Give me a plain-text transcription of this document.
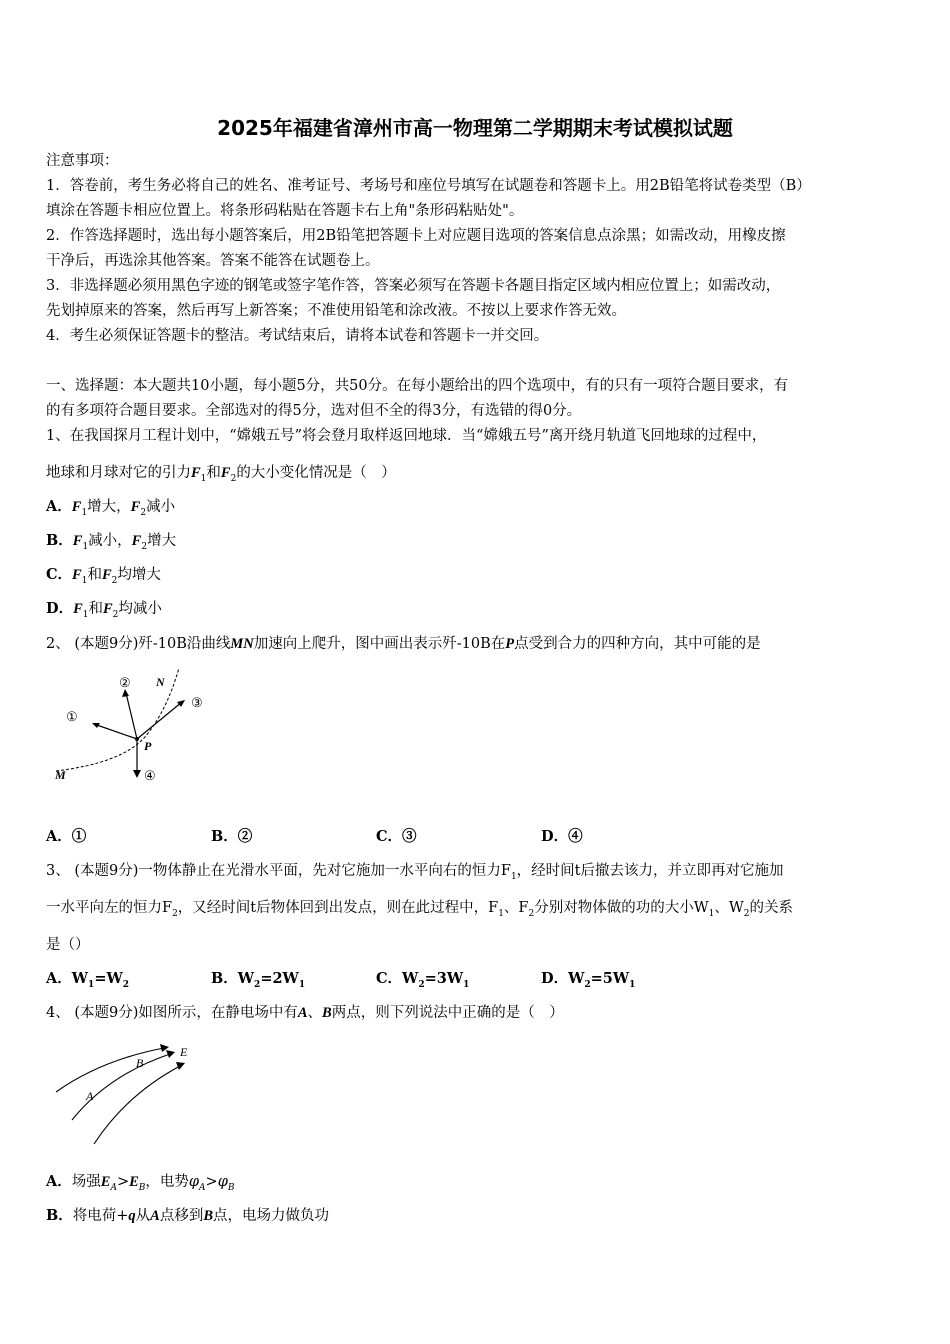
2025年福建省漳州市高一物理第二学期期末考试模拟试题
注意事项：
1．答卷前，考生务必将自己的姓名、准考证号、考场号和座位号填写在试题卷和答题卡上。用2B铅笔将试卷类型（B）
填涂在答题卡相应位置上。将条形码粘贴在答题卡右上角"条形码粘贴处"。
2．作答选择题时，选出每小题答案后，用2B铅笔把答题卡上对应题目选项的答案信息点涂黑；如需改动，用橡皮擦
干净后，再选涂其他答案。答案不能答在试题卷上。
3．非选择题必须用黑色字迹的钢笔或签字笔作答，答案必须写在答题卡各题目指定区域内相应位置上；如需改动，
先划掉原来的答案，然后再写上新答案；不准使用铅笔和涂改液。不按以上要求作答无效。
4．考生必须保证答题卡的整洁。考试结束后，请将本试卷和答题卡一并交回。
一、选择题：本大题共10小题，每小题5分，共50分。在每小题给出的四个选项中，有的只有一项符合题目要求，有
的有多项符合题目要求。全部选对的得5分，选对但不全的得3分，有选错的得0分。
1、在我国探月工程计划中，“嫦娥五号”将会登月取样返回地球．当“嫦娥五号”离开绕月轨道飞回地球的过程中，
地球和月球对它的引力$F_1$和$F_2$的大小变化情况是（　）
A．$F_1$增大，$F_2$减小
B．$F_1$减小，$F_2$增大
C．$F_1$和$F_2$均增大
D．$F_1$和$F_2$均减小
2、 (本题9分)歼-10B沿曲线MN加速向上爬升，图中画出表示歼-10B在P点受到合力的四种方向，其中可能的是
①
②
③
④
N
M
P
A．①	B．②	C．③	D．④
3、 (本题9分)一物体静止在光滑水平面，先对它施加一水平向右的恒力$F_1$，经时间t后撤去该力，并立即再对它施加
一水平向左的恒力$F_2$，又经时间t后物体回到出发点，则在此过程中，$F_1$、$F_2$分别对物体做的功的大小$W_1$、$W_2$的关系
是（）
A．$W_1=W_2$	B．$W_2=2W_1$	C．$W_2=3W_1$	D．$W_2=5W_1$
4、 (本题9分)如图所示，在静电场中有A、B两点，则下列说法中正确的是（　）
E
B
A
A．场强$E_A>E_B$，电势$\varphi_A>\varphi_B$
B．将电荷+q从A点移到B点，电场力做负功
